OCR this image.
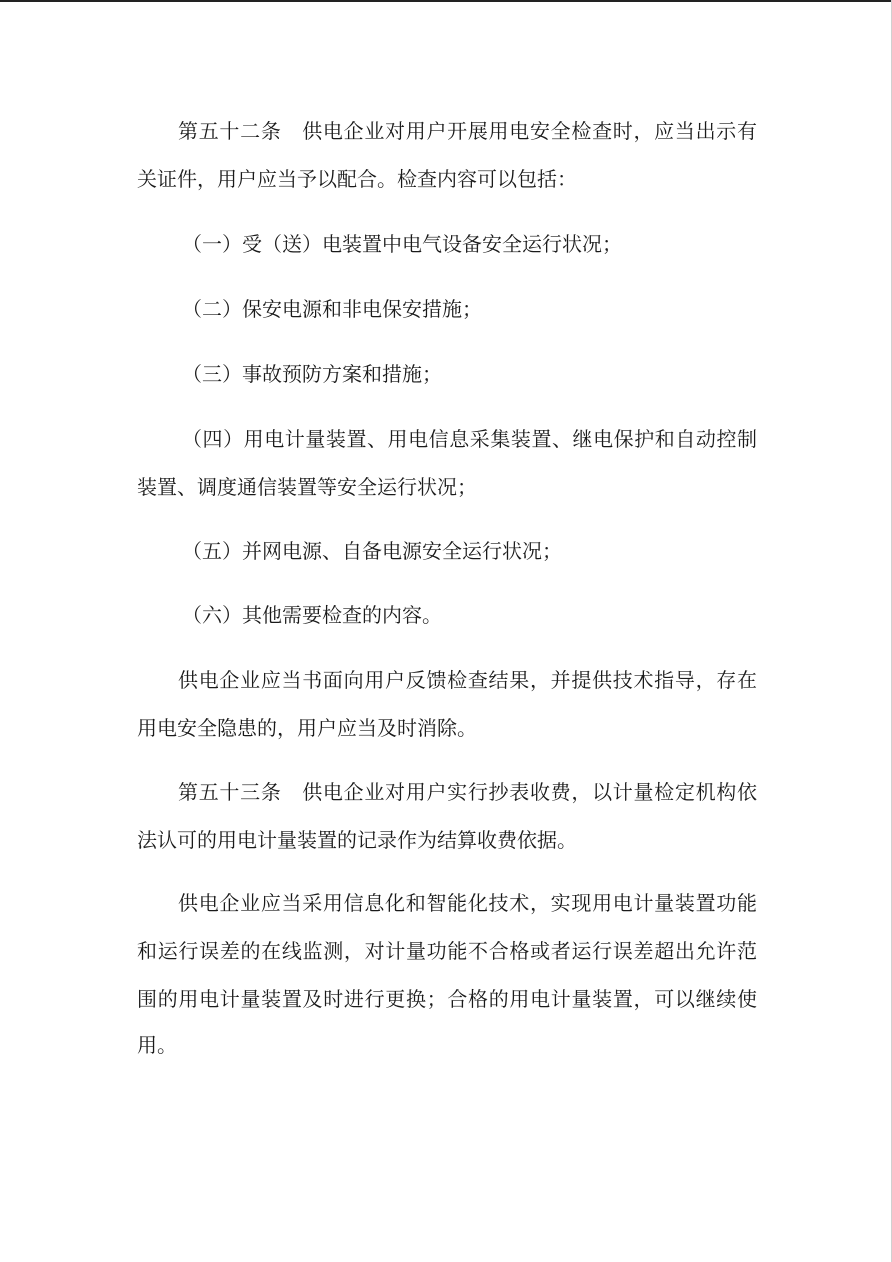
第五十二条　供电企业对用户开展用电安全检查时，应当出示有
关证件，用户应当予以配合。检查内容可以包括：
（一）受（送）电装置中电气设备安全运行状况；
（二）保安电源和非电保安措施；
（三）事故预防方案和措施；
（四）用电计量装置、用电信息采集装置、继电保护和自动控制
装置、调度通信装置等安全运行状况；
（五）并网电源、自备电源安全运行状况；
（六）其他需要检查的内容。
供电企业应当书面向用户反馈检查结果，并提供技术指导，存在
用电安全隐患的，用户应当及时消除。
第五十三条　供电企业对用户实行抄表收费，以计量检定机构依
法认可的用电计量装置的记录作为结算收费依据。
供电企业应当采用信息化和智能化技术，实现用电计量装置功能
和运行误差的在线监测，对计量功能不合格或者运行误差超出允许范
围的用电计量装置及时进行更换；合格的用电计量装置，可以继续使
用。
